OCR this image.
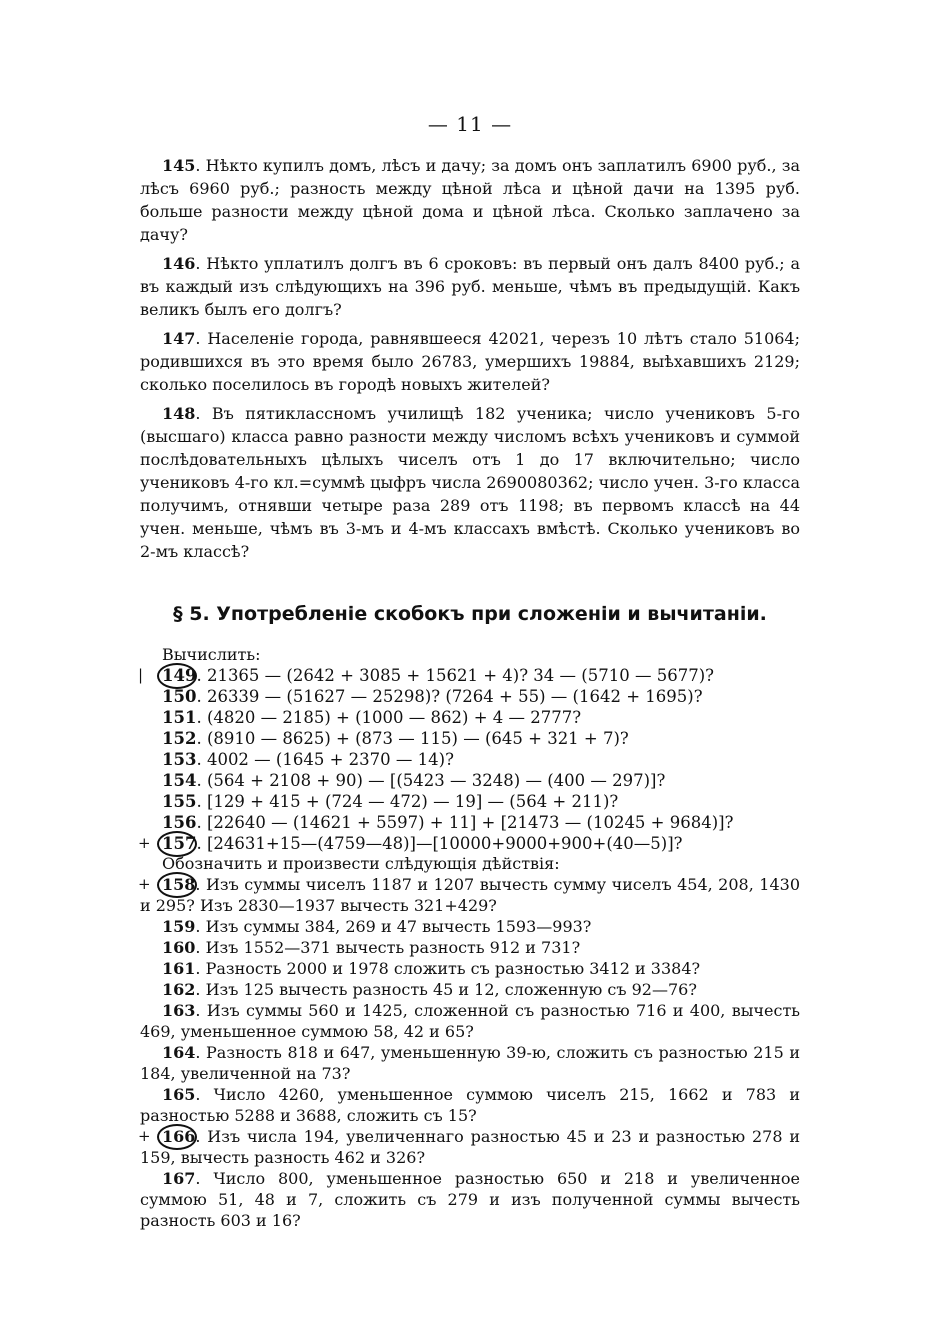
— 11 —
145. Нѣкто купилъ домъ, лѣсъ и дачу; за домъ онъ заплатилъ 6900 руб., за лѣсъ 6960 руб.; разность между цѣной лѣса и цѣной дачи на 1395 руб. больше разности между цѣной дома и цѣной лѣса. Сколько заплачено за дачу?
146. Нѣкто уплатилъ долгъ въ 6 сроковъ: въ первый онъ далъ 8400 руб.; а въ каждый изъ слѣдующихъ на 396 руб. меньше, чѣмъ въ предыдущій. Какъ великъ былъ его долгъ?
147. Населеніе города, равнявшееся 42021, черезъ 10 лѣтъ стало 51064; родившихся въ это время было 26783, умершихъ 19884, выѣхавшихъ 2129; сколько поселилось въ городѣ новыхъ жителей?
148. Въ пятиклассномъ училищѣ 182 ученика; число учениковъ 5-го (высшаго) класса равно разности между числомъ всѣхъ учениковъ и суммой послѣдовательныхъ цѣлыхъ чиселъ отъ 1 до 17 включительно; число учениковъ 4-го кл.=суммѣ цыфръ числа 2690080362; число учен. 3-го класса получимъ, отнявши четыре раза 289 отъ 1198; въ первомъ классѣ на 44 учен. меньше, чѣмъ въ 3-мъ и 4-мъ классахъ вмѣстѣ. Сколько учениковъ во 2-мъ классѣ?
§ 5. Употребленіе скобокъ при сложеніи и вычитаніи.
Вычислить:
| 149. 21365 — (2642 + 3085 + 15621 + 4)? 34 — (5710 — 5677)?
150. 26339 — (51627 — 25298)? (7264 + 55) — (1642 + 1695)?
151. (4820 — 2185) + (1000 — 862) + 4 — 2777?
152. (8910 — 8625) + (873 — 115) — (645 + 321 + 7)?
153. 4002 — (1645 + 2370 — 14)?
154. (564 + 2108 + 90) — [(5423 — 3248) — (400 — 297)]?
155. [129 + 415 + (724 — 472) — 19] — (564 + 211)?
156. [22640 — (14621 + 5597) + 11] + [21473 — (10245 + 9684)]?
+ 157. [24631+15—(4759—48)]—[10000+9000+900+(40—5)]?
Обозначить и произвести слѣдующія дѣйствія:
+ 158. Изъ суммы чиселъ 1187 и 1207 вычесть сумму чиселъ 454, 208, 1430 и 295? Изъ 2830—1937 вычесть 321+429?
159. Изъ суммы 384, 269 и 47 вычесть 1593—993?
160. Изъ 1552—371 вычесть разность 912 и 731?
161. Разность 2000 и 1978 сложить съ разностью 3412 и 3384?
162. Изъ 125 вычесть разность 45 и 12, сложенную съ 92—76?
163. Изъ суммы 560 и 1425, сложенной съ разностью 716 и 400, вычесть 469, уменьшенное суммою 58, 42 и 65?
164. Разность 818 и 647, уменьшенную 39-ю, сложить съ разностью 215 и 184, увеличенной на 73?
165. Число 4260, уменьшенное суммою чиселъ 215, 1662 и 783 и разностью 5288 и 3688, сложить съ 15?
+ 166. Изъ числа 194, увеличеннаго разностью 45 и 23 и разностью 278 и 159, вычесть разность 462 и 326?
167. Число 800, уменьшенное разностью 650 и 218 и увеличенное суммою 51, 48 и 7, сложить съ 279 и изъ полученной суммы вычесть разность 603 и 16?
